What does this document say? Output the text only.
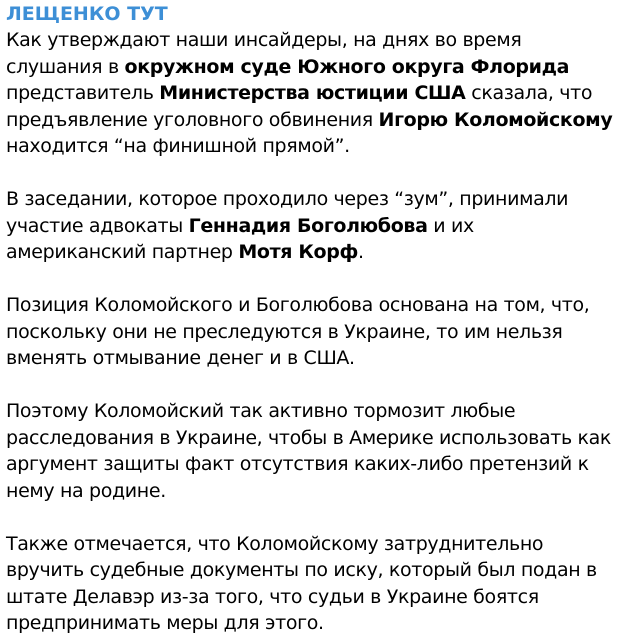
ЛЕЩЕНКО ТУТ

Как утверждают наши инсайдеры, на днях во время слушания в окружном суде Южного округа Флорида представитель Министерства юстиции США сказала, что предъявление уголовного обвинения Игорю Коломойскому находится “на финишной прямой”.

В заседании, которое проходило через “зум”, принимали участие адвокаты Геннадия Боголюбова и их американский партнер Мотя Корф.

Позиция Коломойского и Боголюбова основана на том, что, поскольку они не преследуются в Украине, то им нельзя вменять отмывание денег и в США.

Поэтому Коломойский так активно тормозит любые расследования в Украине, чтобы в Америке использовать как аргумент защиты факт отсутствия каких-либо претензий к нему на родине.

Также отмечается, что Коломойскому затруднительно вручить судебные документы по иску, который был подан в штате Делавэр из-за того, что судьи в Украине боятся предпринимать меры для этого.
